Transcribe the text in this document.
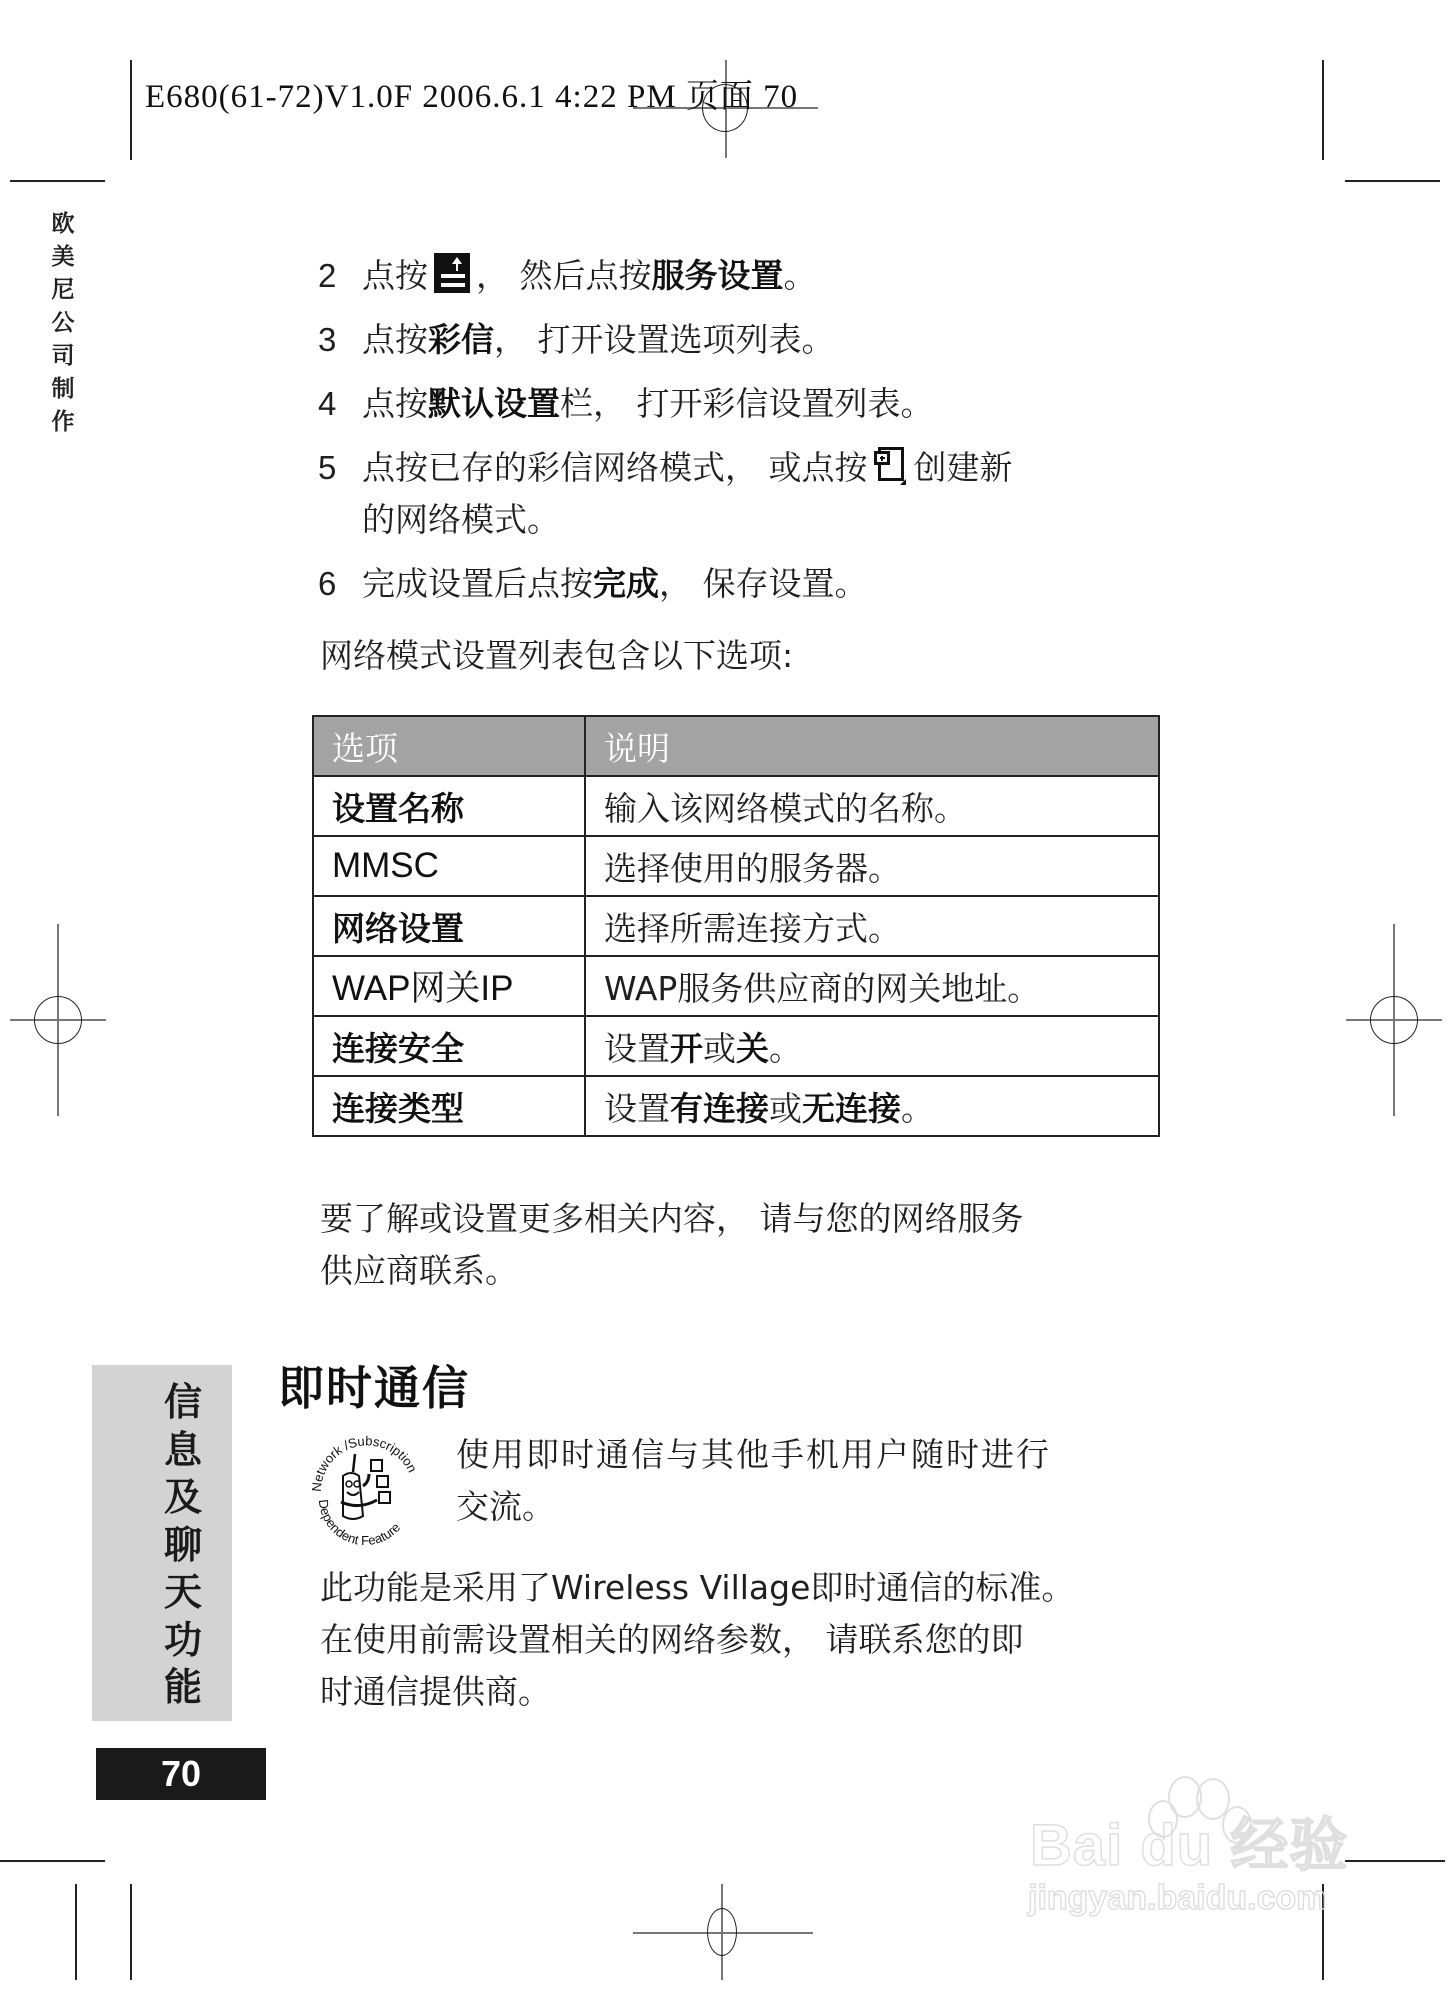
E680(61-72)V1.0F 2006.6.1 4:22 PM 页面 70
欧
美
尼
公
司
制
作
2 点按 ， 然后点按服务设置。
3 点按彩信， 打开设置选项列表。
4 点按默认设置栏， 打开彩信设置列表。
5 点按已存的彩信网络模式， 或点按 创建新
的网络模式。
6 完成设置后点按完成， 保存设置。
网络模式设置列表包含以下选项:
选项	说明
设置名称	输入该网络模式的名称。
MMSC	选择使用的服务器。
网络设置	选择所需连接方式。
WAP网关IP	WAP服务供应商的网关地址。
连接安全	设置开或关。
连接类型	设置有连接或无连接。
要了解或设置更多相关内容， 请与您的网络服务
供应商联系。
即时通信
Network /Subscription
Dependent Feature
使用即时通信与其他手机用户随时进行
交流。
此功能是采用了Wireless Village即时通信的标准。
在使用前需设置相关的网络参数， 请联系您的即
时通信提供商。
信
息
及
聊
天
功
能
70
Bai du 经验
jingyan.baidu.com
